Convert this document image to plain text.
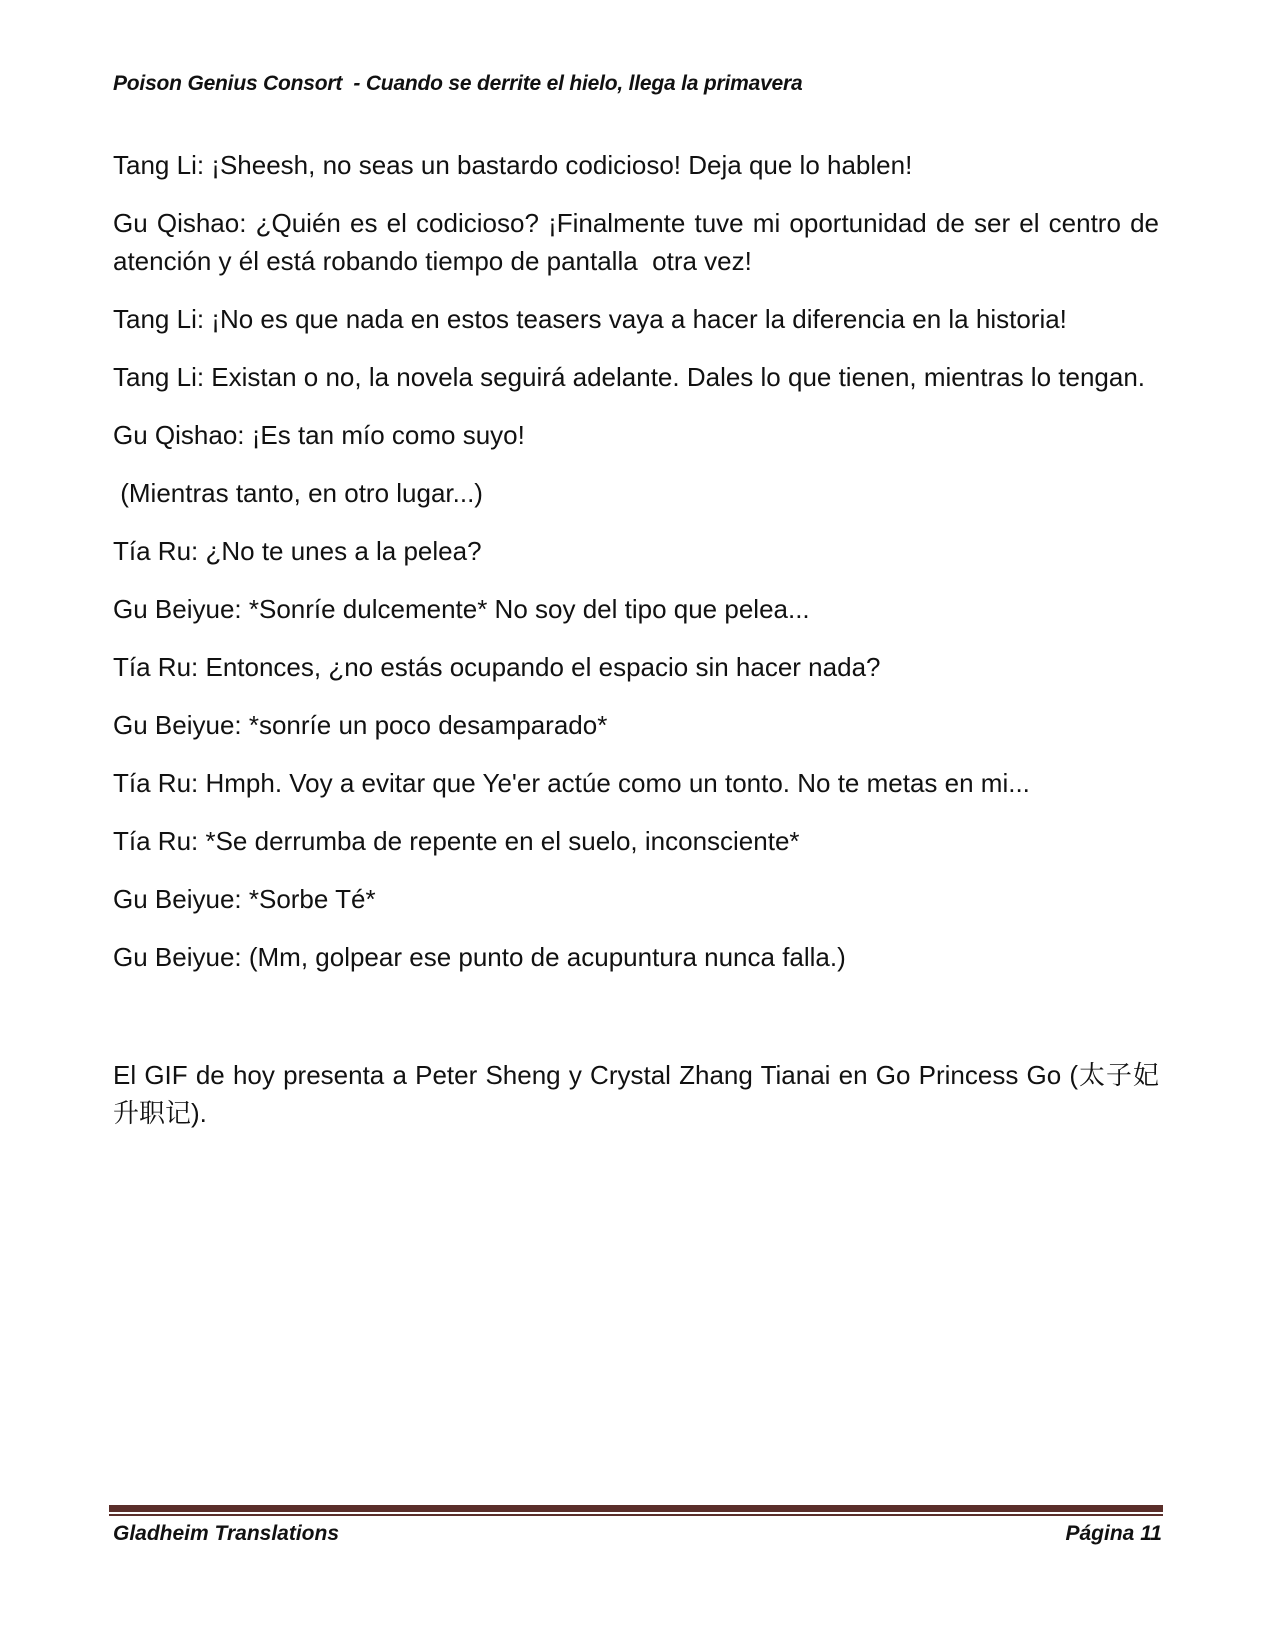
Poison Genius Consort  - Cuando se derrite el hielo, llega la primavera

Tang Li: ¡Sheesh, no seas un bastardo codicioso! Deja que lo hablen!

Gu Qishao: ¿Quién es el codicioso? ¡Finalmente tuve mi oportunidad de ser el centro de atención y él está robando tiempo de pantalla  otra vez!

Tang Li: ¡No es que nada en estos teasers vaya a hacer la diferencia en la historia!

Tang Li: Existan o no, la novela seguirá adelante. Dales lo que tienen, mientras lo tengan.

Gu Qishao: ¡Es tan mío como suyo!

(Mientras tanto, en otro lugar...)

Tía Ru: ¿No te unes a la pelea?

Gu Beiyue: *Sonríe dulcemente* No soy del tipo que pelea...

Tía Ru: Entonces, ¿no estás ocupando el espacio sin hacer nada?

Gu Beiyue: *sonríe un poco desamparado*

Tía Ru: Hmph. Voy a evitar que Ye'er actúe como un tonto. No te metas en mi...

Tía Ru: *Se derrumba de repente en el suelo, inconsciente*

Gu Beiyue: *Sorbe Té*

Gu Beiyue: (Mm, golpear ese punto de acupuntura nunca falla.)

El GIF de hoy presenta a Peter Sheng y Crystal Zhang Tianai en Go Princess Go (太子妃升职记).

Gladheim Translations	Página 11
